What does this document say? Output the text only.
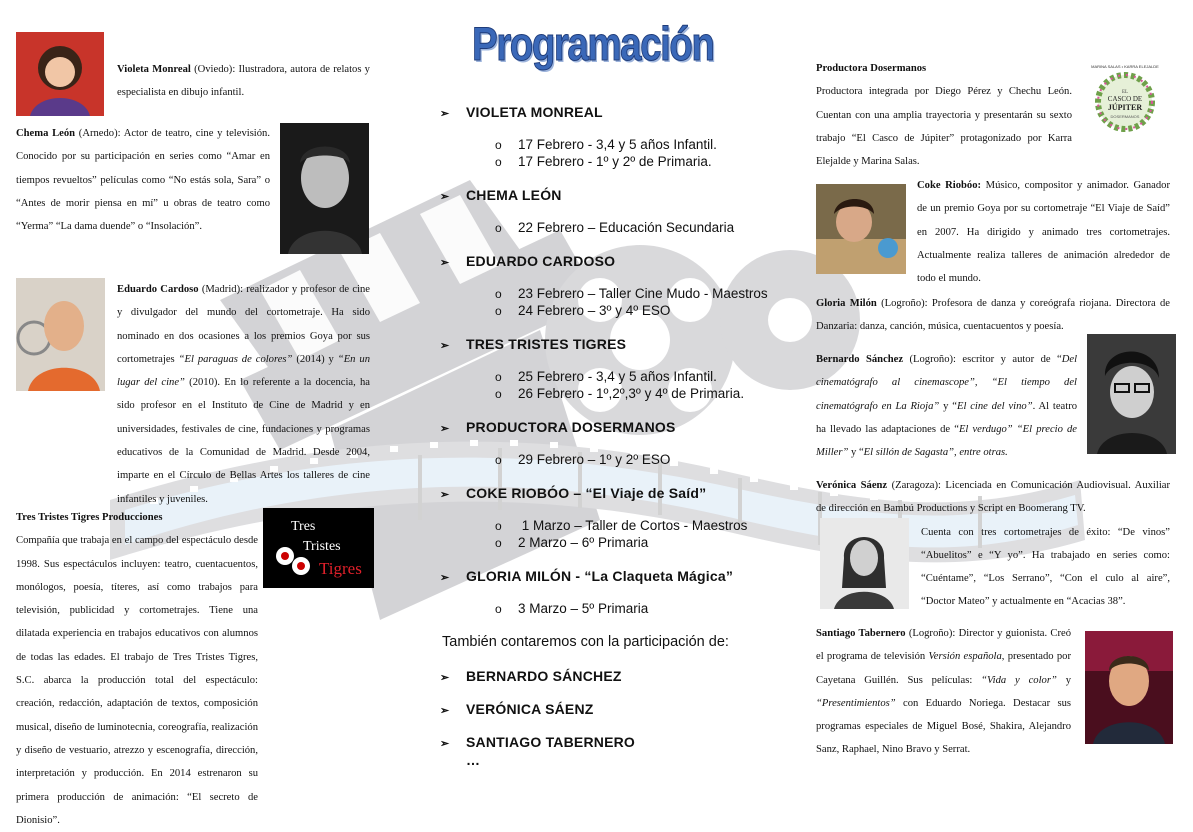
Programación

Violeta Monreal (Oviedo): Ilustradora, autora de relatos y especialista en dibujo infantil.

Chema León (Arnedo): Actor de teatro, cine y televisión. Conocido por su participación en series como “Amar en tiempos revueltos” películas como “No estás sola, Sara” o “Antes de morir piensa en mí” u obras de teatro como “Yerma” “La dama duende” o “Insolación”.

Eduardo Cardoso (Madrid): realizador y profesor de cine y divulgador del mundo del cortometraje. Ha sido nominado en dos ocasiones a los premios Goya por sus cortometrajes “El paraguas de colores” (2014) y “En un lugar del cine” (2010). En lo referente a la docencia, ha sido profesor en el Instituto de Cine de Madrid y en universidades, festivales de cine, fundaciones y programas educativos de la Comunidad de Madrid. Desde 2004, imparte en el Círculo de Bellas Artes los talleres de cine infantiles y juveniles.

Tres
Tristes
Tigres

Tres Tristes Tigres Producciones

Compañía que trabaja en el campo del espectáculo desde 1998. Sus espectáculos incluyen: teatro, cuentacuentos, monólogos, poesía, títeres, así como trabajos para televisión, publicidad y cortometrajes. Tiene una dilatada experiencia en trabajos educativos con alumnos de todas las edades. El trabajo de Tres Tristes Tigres, S.C. abarca la producción total del espectáculo: creación, redacción, adaptación de textos, composición musical, diseño de luminotecnia, coreografía, realización y diseño de vestuario, atrezzo y escenografía, dirección, interpretación y producción. En 2014 estrenaron su primera producción de animación: “El secreto de Dionisio”.

➢ VIOLETA MONREAL
o 17 Febrero - 3,4 y 5 años Infantil.
o 17 Febrero - 1º y 2º de Primaria.
➢ CHEMA LEÓN
o 22 Febrero – Educación Secundaria
➢ EDUARDO CARDOSO
o 23 Febrero – Taller Cine Mudo - Maestros
o 24 Febrero – 3º y 4º ESO
➢ TRES TRISTES TIGRES
o 25 Febrero - 3,4 y 5 años Infantil.
o 26 Febrero - 1º,2º,3º y 4º de Primaria.
➢ PRODUCTORA DOSERMANOS
o 29 Febrero – 1º y 2º ESO
➢ COKE RIOBÓO – “El Viaje de Saíd”
o 1 Marzo – Taller de Cortos - Maestros
o 2 Marzo – 6º Primaria
➢ GLORIA MILÓN - “La Claqueta Mágica”
o 3 Marzo – 5º Primaria
También contaremos con la participación de:
➢ BERNARDO SÁNCHEZ
➢ VERÓNICA SÁENZ
➢ SANTIAGO TABERNERO
…
MARINA SALAS • KARRA ELEJALDE
EL
CASCO DE
JÚPITER
DOSERMANOS

Productora Dosermanos

Productora integrada por Diego Pérez y Chechu León. Cuentan con una amplia trayectoria y presentarán su sexto trabajo “El Casco de Júpiter” protagonizado por Karra Elejalde y Marina Salas.

Coke Riobóo: Músico, compositor y animador. Ganador de un premio Goya por su cortometraje “El Viaje de Saíd” en 2007. Ha dirigido y animado tres cortometrajes. Actualmente realiza talleres de animación alrededor de todo el mundo.

Gloria Milón (Logroño): Profesora de danza y coreógrafa riojana. Directora de Danzaria: danza, canción, música, cuentacuentos y poesía.

Bernardo Sánchez (Logroño): escritor y autor de “Del cinematógrafo al cinemascope”, “El tiempo del cinematógrafo en La Rioja” y “El cine del vino”. Al teatro ha llevado las adaptaciones de “El verdugo” “El precio de Miller” y “El sillón de Sagasta”, entre otras.

Verónica Sáenz (Zaragoza): Licenciada en Comunicación Audiovisual. Auxiliar de dirección en Bambú Productions y Script en Boomerang TV.

Cuenta con tres cortometrajes de éxito: “De vinos” “Abuelitos” e “Y yo”. Ha trabajado en series como: “Cuéntame”, “Los Serrano”, “Con el culo al aire”, “Doctor Mateo” y actualmente en “Acacias 38”.

Santiago Tabernero (Logroño): Director y guionista. Creó el programa de televisión Versión española, presentado por Cayetana Guillén. Sus películas: “Vida y color” y “Presentimientos” con Eduardo Noriega. Destacar sus programas especiales de Miguel Bosé, Shakira, Alejandro Sanz, Raphael, Nino Bravo y Serrat.
